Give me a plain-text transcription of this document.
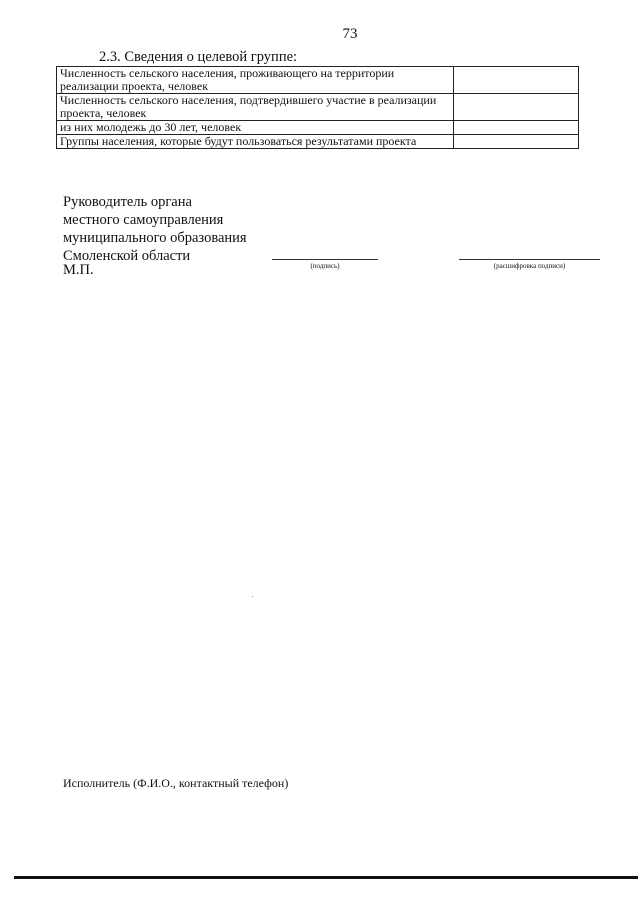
73
2.3. Сведения о целевой группе:
Численность сельского населения, проживающего на территории реализации проекта, человек	
Численность сельского населения, подтвердившего участие в реализации проекта, человек	
из них молодежь до 30 лет, человек	
Группы населения, которые будут пользоваться результатами проекта	
Руководитель органа
местного самоуправления
муниципального образования
Смоленской области
(подпись)	(расшифровка подписи)
М.П.
Исполнитель (Ф.И.О., контактный телефон)
